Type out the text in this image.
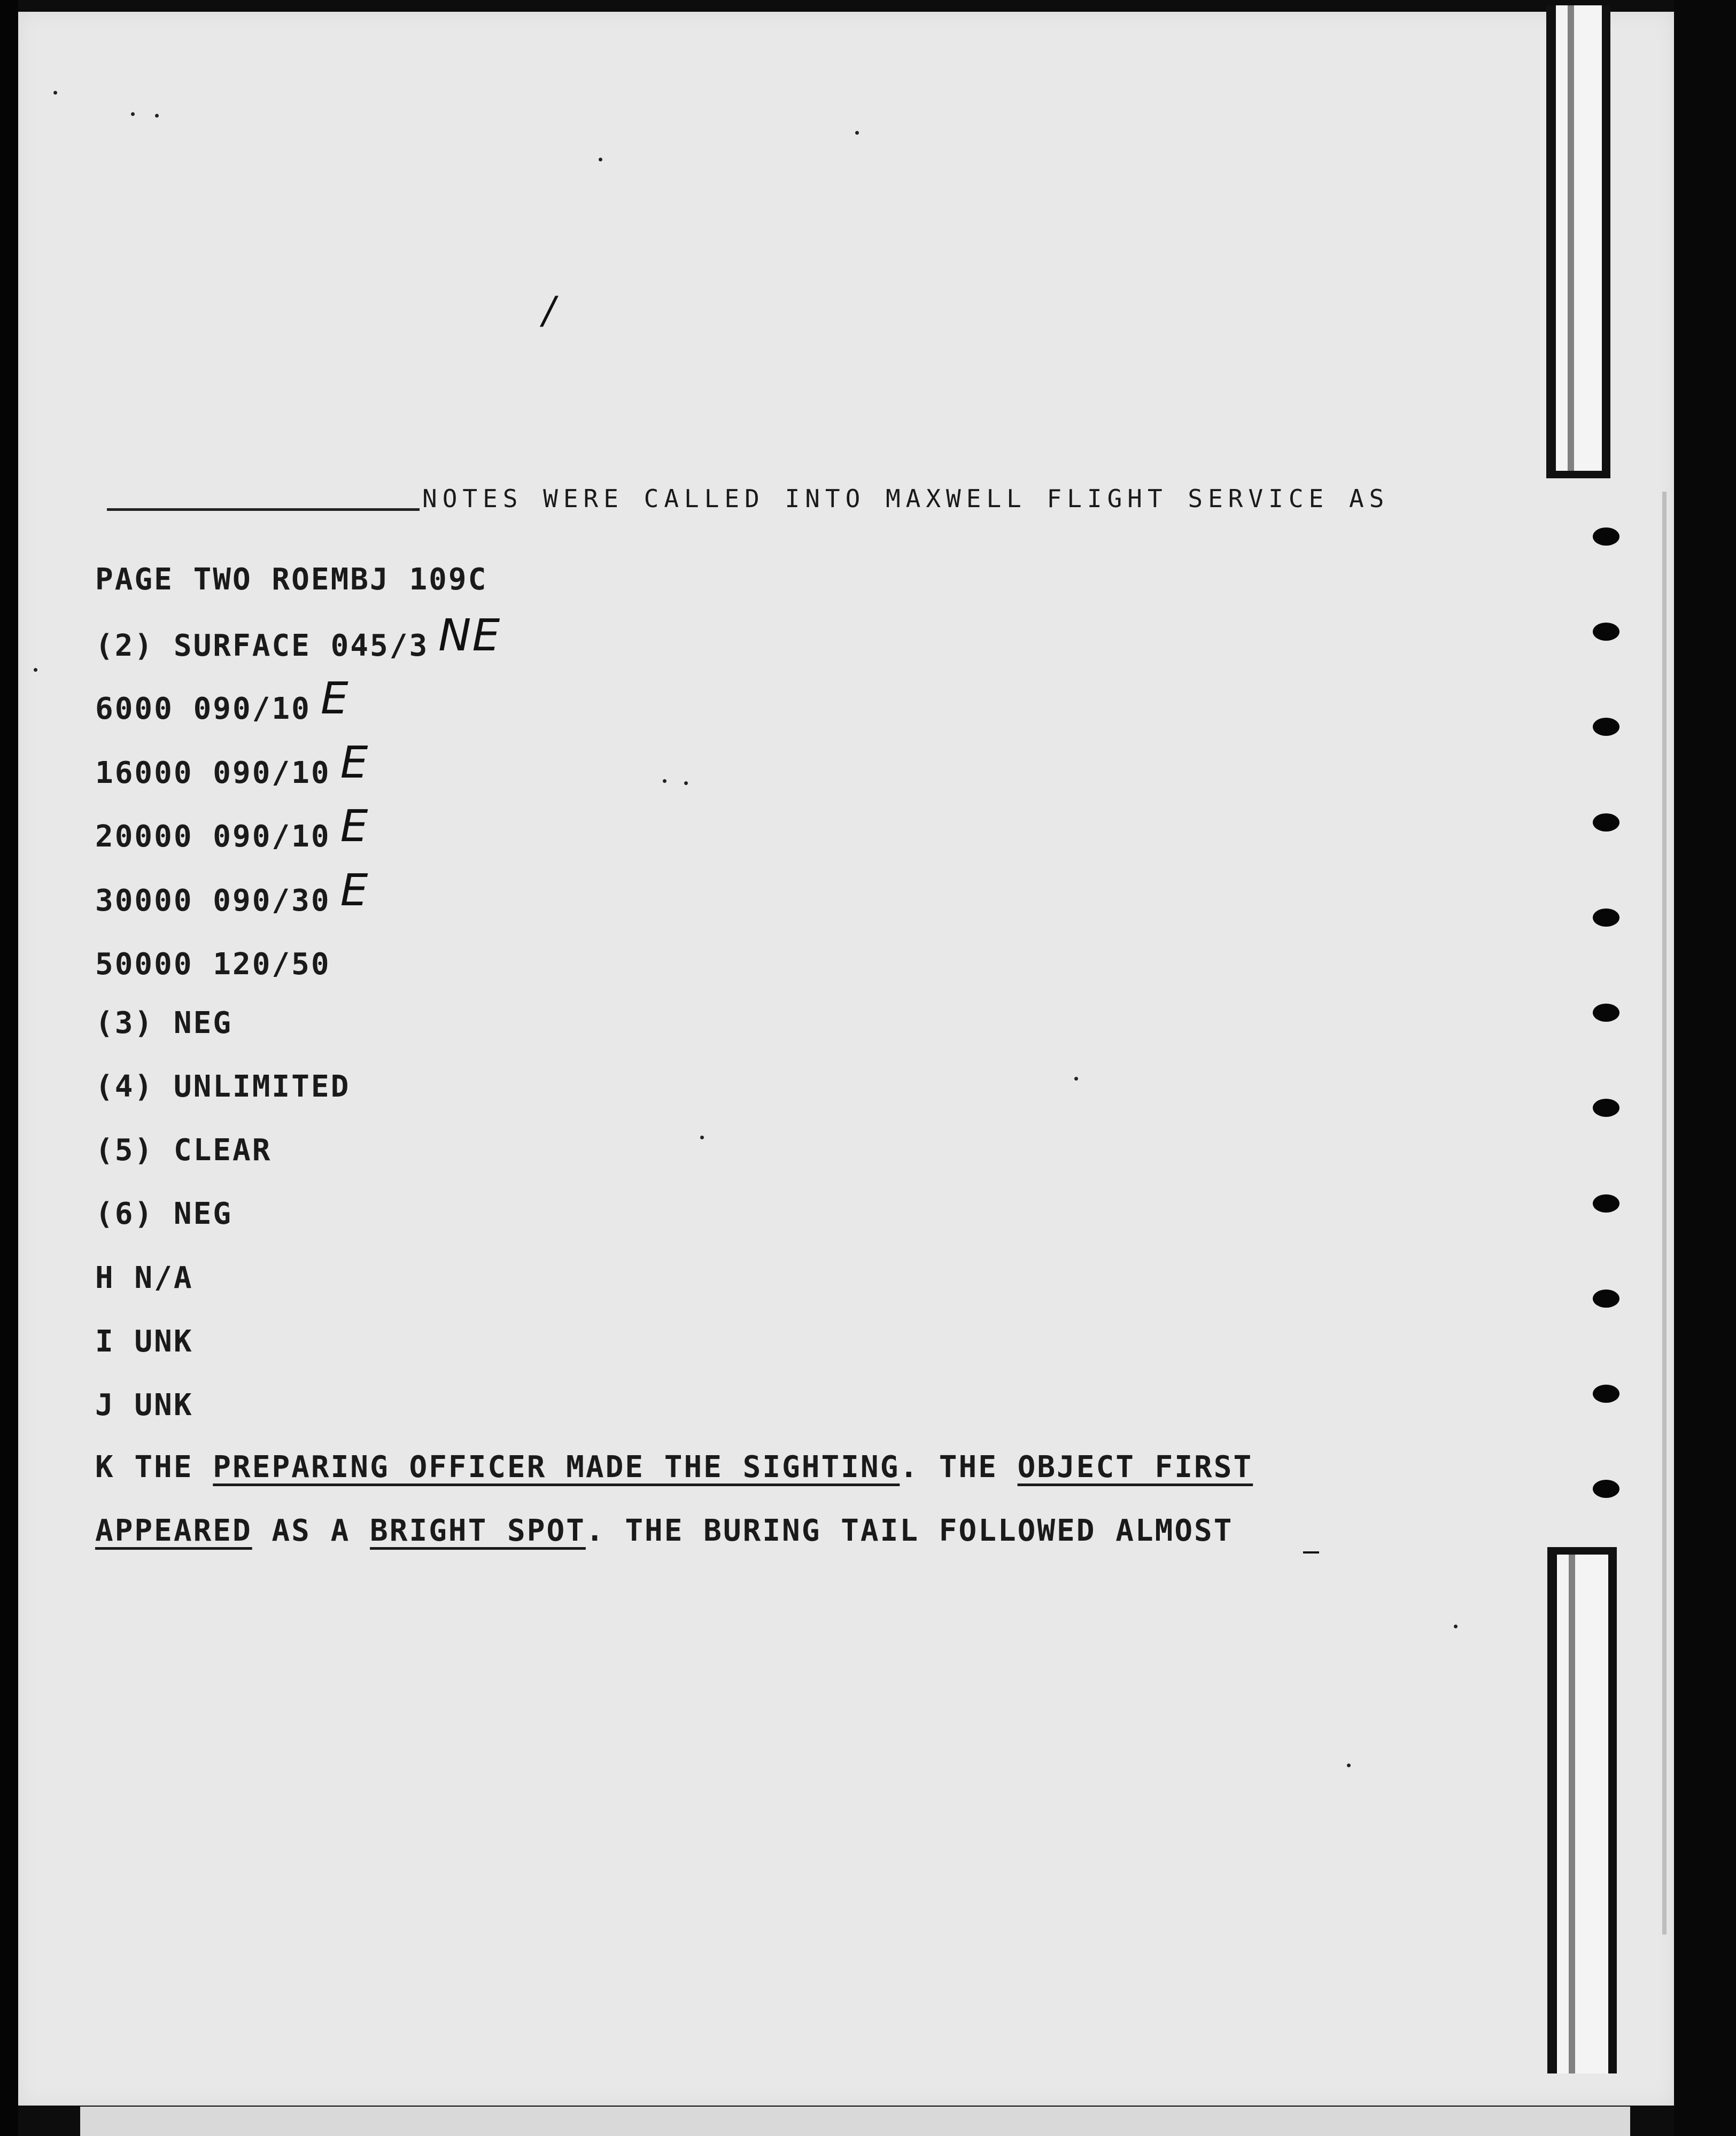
/
PAGE TWO ROEMBJ 109C
(2) SURFACE 045/3 NE
6000 090/10 E
16000 090/10 E
20000 090/10 E
30000 090/30 E
50000 120/50
(3) NEG
(4) UNLIMITED
(5) CLEAR
(6) NEG
H N/A
I UNK
J UNK
K THE PREPARING OFFICER MADE THE SIGHTING. THE OBJECT FIRST
APPEARED AS A BRIGHT SPOT. THE BURING TAIL FOLLOWED ALMOST
